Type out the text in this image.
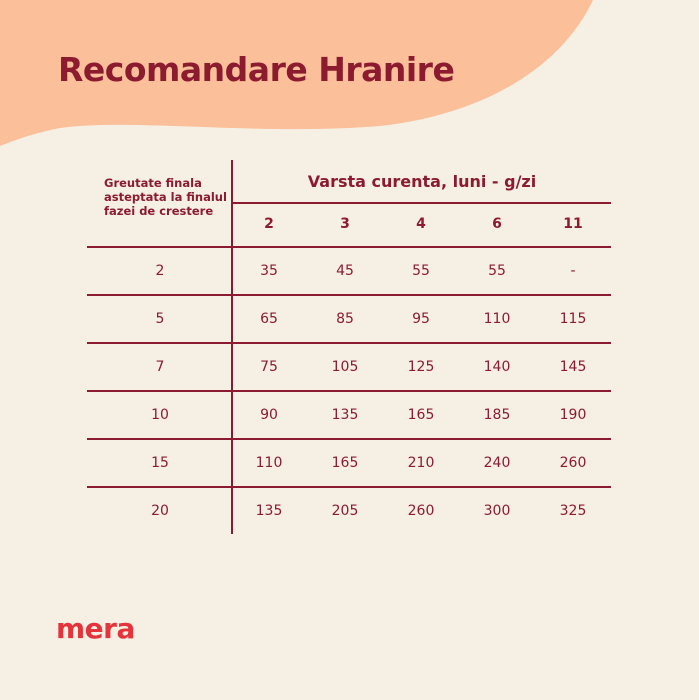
Recomandare Hranire
Greutate finala asteptata la finalul fazei de crestere
Varsta curenta, luni - g/zi
2	3	4	6	11
2	35	45	55	55	-
5	65	85	95	110	115
7	75	105	125	140	145
10	90	135	165	185	190
15	110	165	210	240	260
20	135	205	260	300	325
mera
